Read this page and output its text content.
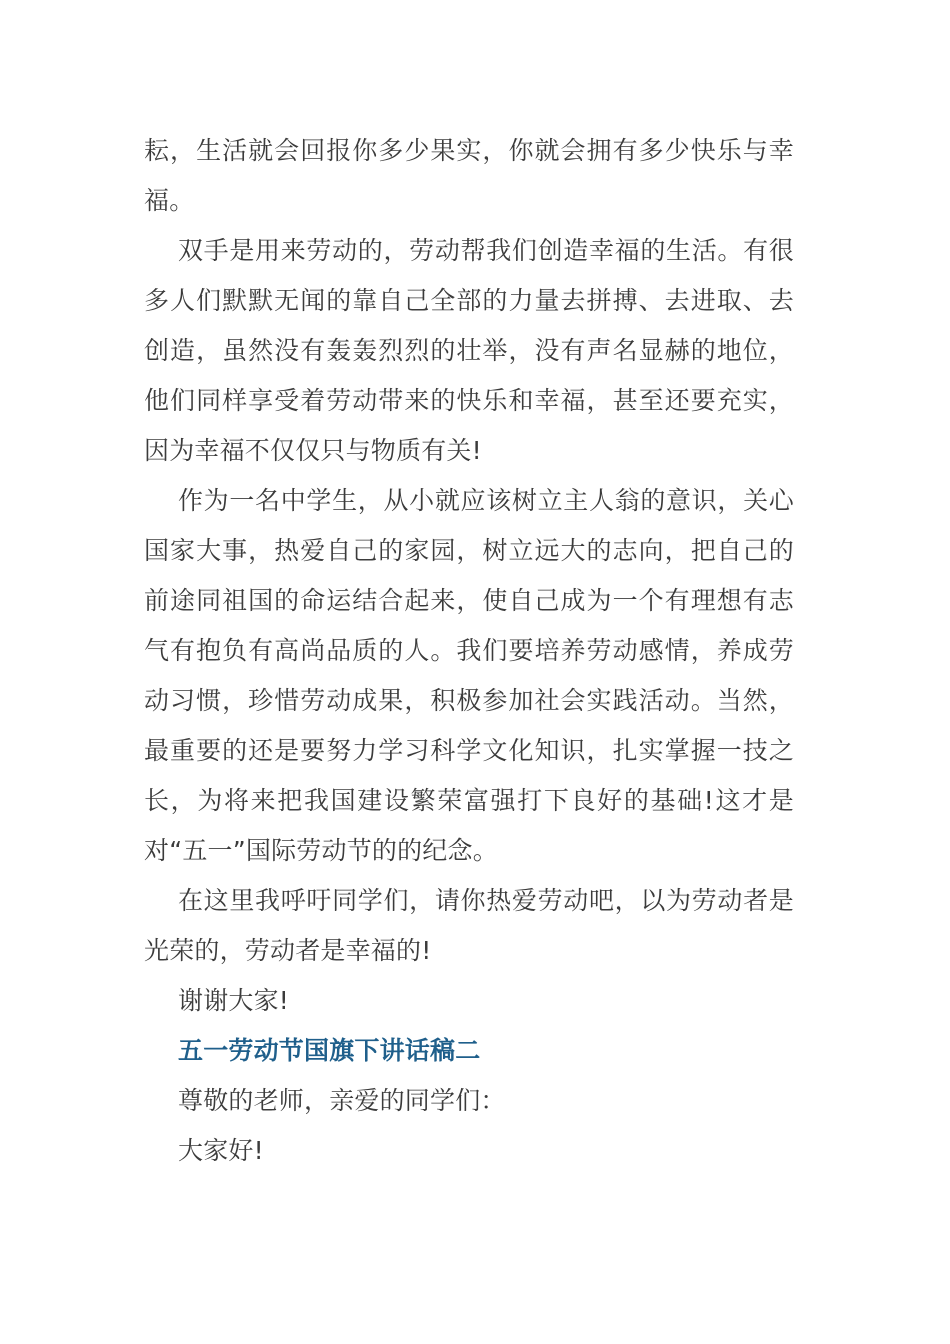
耘，生活就会回报你多少果实，你就会拥有多少快乐与幸福。

双手是用来劳动的，劳动帮我们创造幸福的生活。有很多人们默默无闻的靠自己全部的力量去拼搏、去进取、去创造，虽然没有轰轰烈烈的壮举，没有声名显赫的地位，他们同样享受着劳动带来的快乐和幸福，甚至还要充实，因为幸福不仅仅只与物质有关!

作为一名中学生，从小就应该树立主人翁的意识，关心国家大事，热爱自己的家园，树立远大的志向，把自己的前途同祖国的命运结合起来，使自己成为一个有理想有志气有抱负有高尚品质的人。我们要培养劳动感情，养成劳动习惯，珍惜劳动成果，积极参加社会实践活动。当然，最重要的还是要努力学习科学文化知识，扎实掌握一技之长，为将来把我国建设繁荣富强打下良好的基础!这才是对“五一”国际劳动节的的纪念。

在这里我呼吁同学们，请你热爱劳动吧，以为劳动者是光荣的，劳动者是幸福的!

谢谢大家!

五一劳动节国旗下讲话稿二

尊敬的老师，亲爱的同学们：

大家好!
